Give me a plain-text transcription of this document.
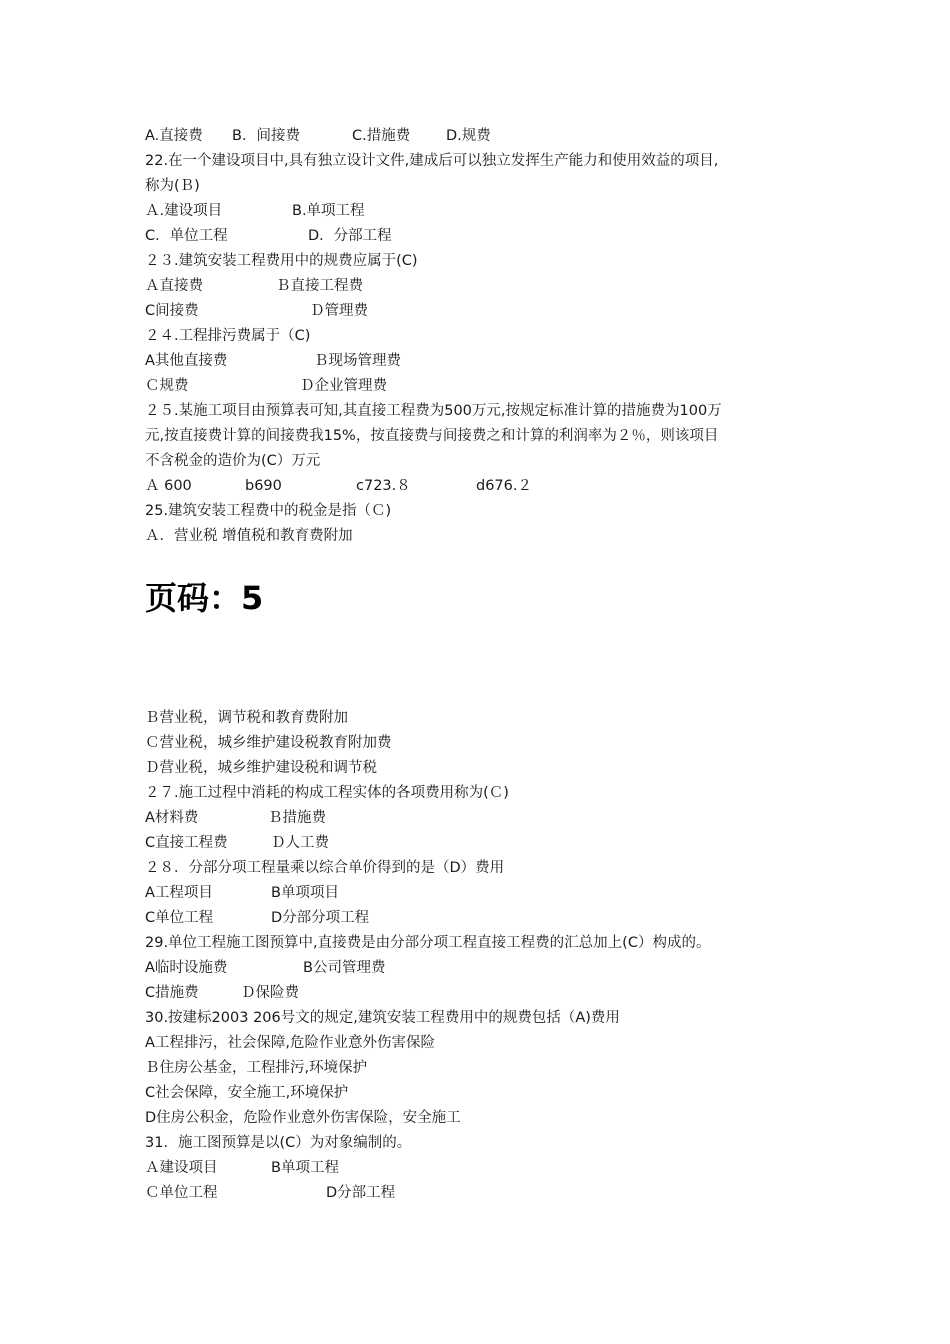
A.直接费 B．间接费	C.措施费 D.规费
22.在一个建设项目中,具有独立设计文件,建成后可以独立发挥生产能力和使用效益的项目,
称为(Ｂ)
Ａ.建设项目	B.单项工程
C．单位工程	D．分部工程
２３.建筑安装工程费用中的规费应属于(C)
Ａ直接费	Ｂ直接工程费
C间接费	Ｄ管理费
２４.工程排污费属于（C)
A其他直接费	Ｂ现场管理费
Ｃ规费	Ｄ企业管理费
２５.某施工项目由预算表可知,其直接工程费为500万元,按规定标准计算的措施费为100万
元,按直接费计算的间接费我15%，按直接费与间接费之和计算的利润率为２％，则该项目
不含税金的造价为(C）万元
Ａ 600	b690	c723.８	d676.２
25.建筑安装工程费中的税金是指（Ｃ)
Ａ．营业税 增值税和教育费附加
页码：5
Ｂ营业税，调节税和教育费附加
Ｃ营业税，城乡维护建设税教育附加费
Ｄ营业税，城乡维护建设税和调节税
２７.施工过程中消耗的构成工程实体的各项费用称为(Ｃ)
A材料费	Ｂ措施费
C直接工程费	Ｄ人工费
２８．分部分项工程量乘以综合单价得到的是（D）费用
A工程项目	B单项项目
C单位工程	D分部分项工程
29.单位工程施工图预算中,直接费是由分部分项工程直接工程费的汇总加上(C）构成的。
A临时设施费	B公司管理费
C措施费	Ｄ保险费
30.按建标2003 206号文的规定,建筑安装工程费用中的规费包括（A)费用
A工程排污，社会保障,危险作业意外伤害保险
Ｂ住房公基金，工程排污,环境保护
C社会保障，安全施工,环境保护
D住房公积金，危险作业意外伤害保险，安全施工
31．施工图预算是以(C）为对象编制的。
Ａ建设项目	B单项工程
Ｃ单位工程	D分部工程
